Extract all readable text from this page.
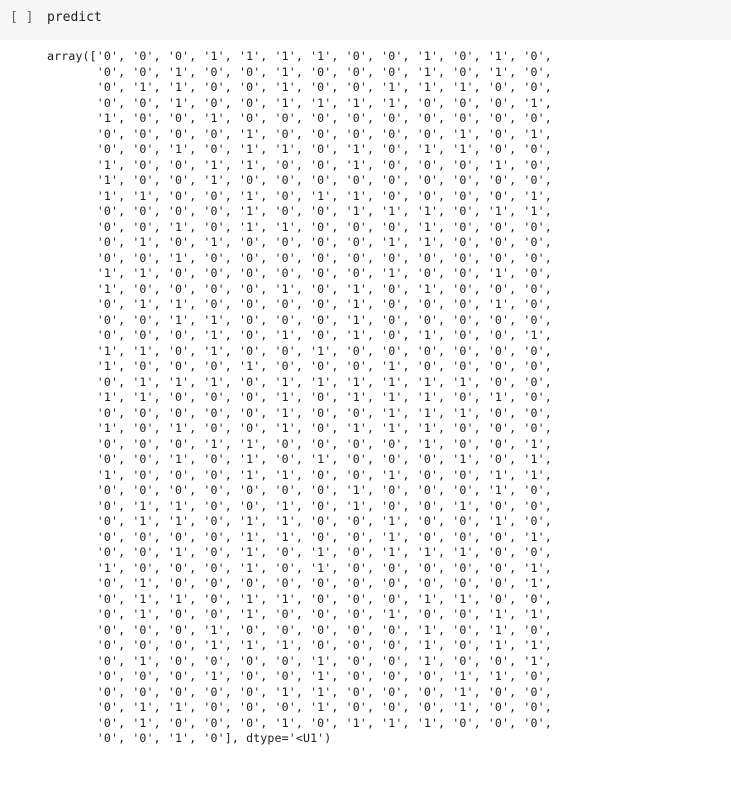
[ ] predict
array(['0', '0', '0', '1', '1', '1', '1', '0', '0', '1', '0', '1', '0',
'0', '0', '1', '0', '0', '1', '0', '0', '0', '1', '0', '1', '0',
'0', '1', '1', '0', '0', '1', '0', '0', '1', '1', '1', '0', '0',
'0', '0', '1', '0', '0', '1', '1', '1', '1', '0', '0', '0', '1',
'1', '0', '0', '1', '0', '0', '0', '0', '0', '0', '0', '0', '0',
'0', '0', '0', '0', '1', '0', '0', '0', '0', '0', '1', '0', '1',
'0', '0', '1', '0', '1', '1', '0', '1', '0', '1', '1', '0', '0',
'1', '0', '0', '1', '1', '0', '0', '1', '0', '0', '0', '1', '0',
'1', '0', '0', '1', '0', '0', '0', '0', '0', '0', '0', '0', '0',
'1', '1', '0', '0', '1', '0', '1', '1', '0', '0', '0', '0', '1',
'0', '0', '0', '0', '1', '0', '0', '1', '1', '1', '0', '1', '1',
'0', '0', '1', '0', '1', '1', '0', '0', '0', '1', '0', '0', '0',
'0', '1', '0', '1', '0', '0', '0', '0', '1', '1', '0', '0', '0',
'0', '0', '1', '0', '0', '0', '0', '0', '0', '0', '0', '0', '0',
'1', '1', '0', '0', '0', '0', '0', '0', '1', '0', '0', '1', '0',
'1', '0', '0', '0', '0', '1', '0', '1', '0', '1', '0', '0', '0',
'0', '1', '1', '0', '0', '0', '0', '1', '0', '0', '0', '1', '0',
'0', '0', '1', '1', '0', '0', '0', '1', '0', '0', '0', '0', '0',
'0', '0', '0', '1', '0', '1', '0', '1', '0', '1', '0', '0', '1',
'1', '1', '0', '1', '0', '0', '1', '0', '0', '0', '0', '0', '0',
'1', '0', '0', '0', '1', '0', '0', '0', '1', '0', '0', '0', '0',
'0', '1', '1', '1', '0', '1', '1', '1', '1', '1', '1', '0', '0',
'1', '1', '0', '0', '0', '1', '0', '1', '1', '1', '0', '1', '0',
'0', '0', '0', '0', '0', '1', '0', '0', '1', '1', '1', '0', '0',
'1', '0', '1', '0', '0', '1', '0', '1', '1', '1', '0', '0', '0',
'0', '0', '0', '1', '1', '0', '0', '0', '0', '1', '0', '0', '1',
'0', '0', '1', '0', '1', '0', '1', '0', '0', '0', '1', '0', '1',
'1', '0', '0', '0', '1', '1', '0', '0', '1', '0', '0', '1', '1',
'0', '0', '0', '0', '0', '0', '0', '1', '0', '0', '0', '1', '0',
'0', '1', '1', '0', '0', '1', '0', '1', '0', '0', '1', '0', '0',
'0', '1', '1', '0', '1', '1', '0', '0', '1', '0', '0', '1', '0',
'0', '0', '0', '0', '1', '1', '0', '0', '1', '0', '0', '0', '1',
'0', '0', '1', '0', '1', '0', '1', '0', '1', '1', '1', '0', '0',
'1', '0', '0', '0', '1', '0', '1', '0', '0', '0', '0', '0', '1',
'0', '1', '0', '0', '0', '0', '0', '0', '0', '0', '0', '0', '1',
'0', '1', '1', '0', '1', '1', '0', '0', '0', '1', '1', '0', '0',
'0', '1', '0', '0', '1', '0', '0', '0', '1', '0', '0', '1', '1',
'0', '0', '0', '1', '0', '0', '0', '0', '0', '1', '0', '1', '0',
'0', '0', '0', '1', '1', '1', '0', '0', '0', '1', '0', '1', '1',
'0', '1', '0', '0', '0', '0', '1', '0', '0', '1', '0', '0', '1',
'0', '0', '0', '1', '0', '0', '1', '0', '0', '0', '1', '1', '0',
'0', '0', '0', '0', '0', '1', '1', '0', '0', '0', '1', '0', '0',
'0', '1', '1', '0', '0', '0', '1', '0', '0', '0', '1', '0', '0',
'0', '1', '0', '0', '0', '1', '0', '1', '1', '1', '0', '0', '0',
'0', '0', '1', '0'], dtype='<U1')
